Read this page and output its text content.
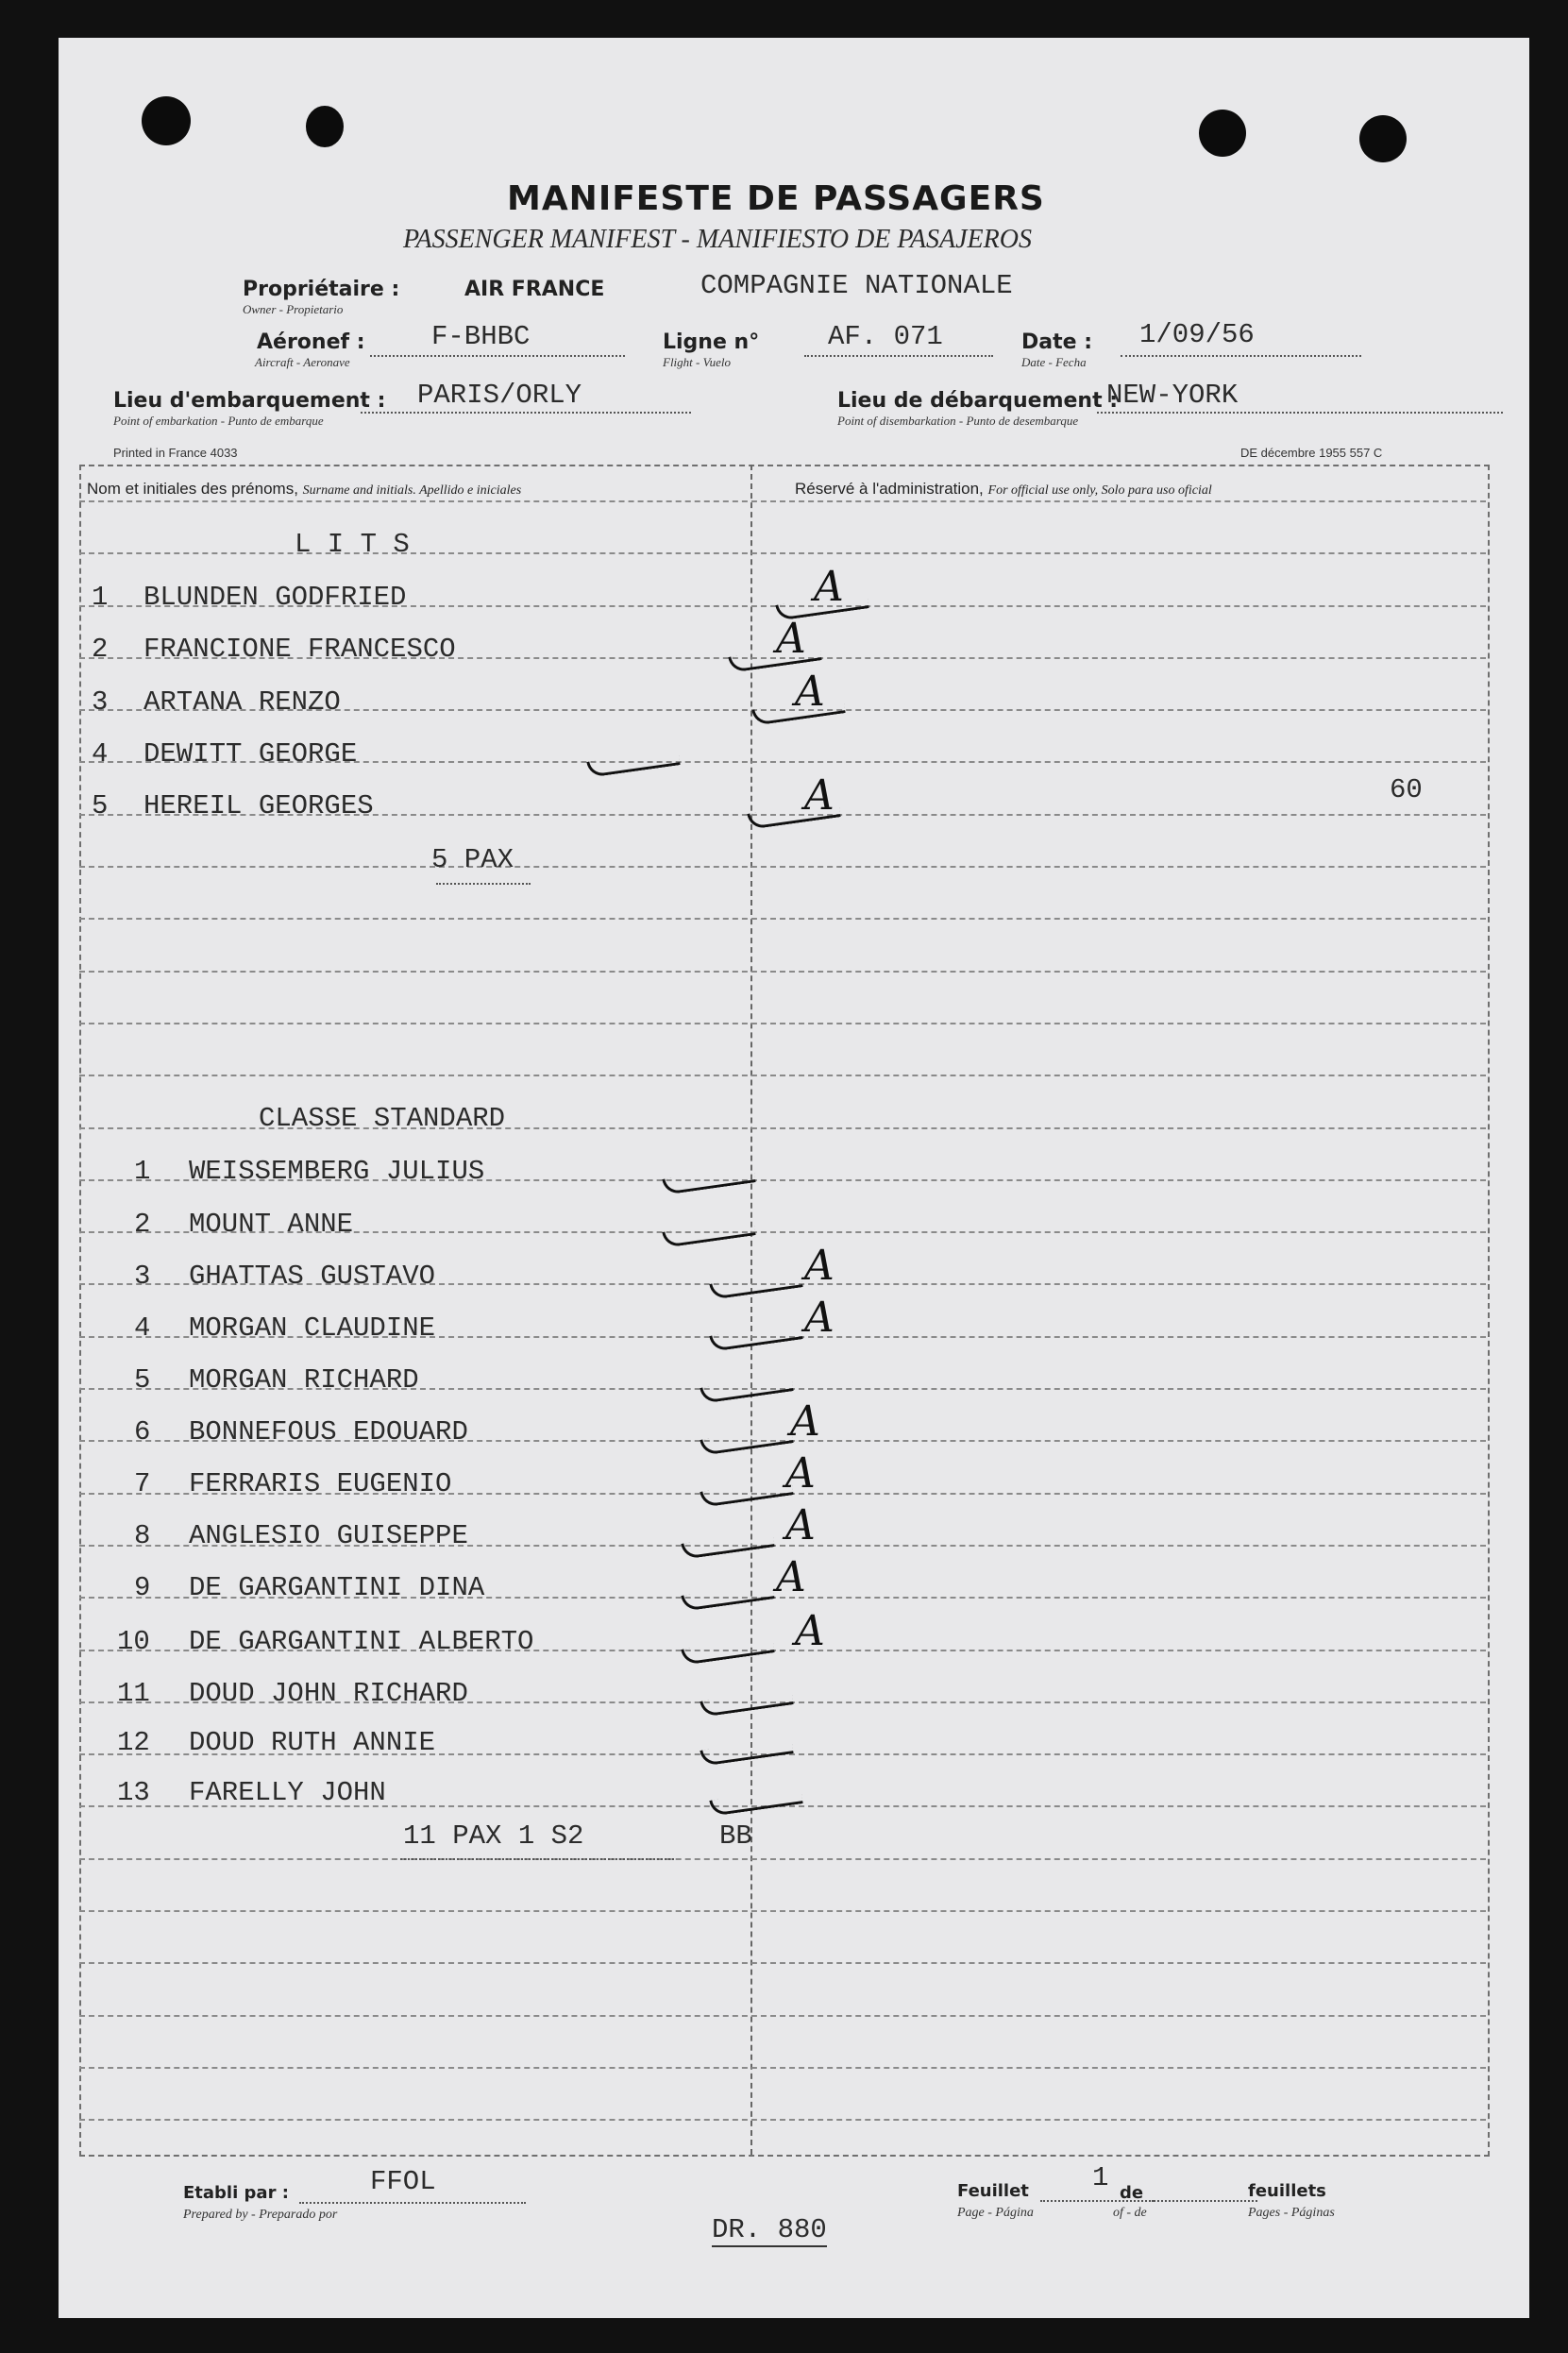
MANIFESTE DE PASSAGERS
PASSENGER MANIFEST - MANIFIESTO DE PASAJEROS
Propriétaire :
Owner - Propietario
AIR FRANCE	COMPAGNIE NATIONALE
Aéronef :
Aircraft - Aeronave
F-BHBC	Ligne n°
Flight - Vuelo
AF. 071	Date :
Date - Fecha
1/09/56
Lieu d'embarquement :
Point of embarkation - Punto de embarque
PARIS/ORLY	Lieu de débarquement :
Point of disembarkation - Punto de desembarque
NEW-YORK
Printed in France 4033	DE décembre 1955 557 C
Nom et initiales des prénoms, Surname and initials. Apellido e iniciales	Réservé à l'administration, For official use only, Solo para uso oficial
L I T S
1 BLUNDEN GODFRIED	A
2 FRANCIONE FRANCESCO	A
3 ARTANA RENZO	A
4 DEWITT GEORGE
5 HEREIL GEORGES	A	60
5 PAX
CLASSE STANDARD
1 WEISSEMBERG JULIUS
2 MOUNT ANNE
3 GHATTAS GUSTAVO	A
4 MORGAN CLAUDINE	A
5 MORGAN RICHARD
6 BONNEFOUS EDOUARD	A
7 FERRARIS EUGENIO	A
8 ANGLESIO GUISEPPE	A
9 DE GARGANTINI DINA	A
10 DE GARGANTINI ALBERTO	A
11 DOUD JOHN RICHARD
12 DOUD RUTH ANNIE
13 FARELLY JOHN
11 PAX 1 S2	BB
Etabli par :
Prepared by - Preparado por
FFOL	Feuillet
Page - Página
1 de
of - de
feuillets
Pages - Páginas
DR. 880
